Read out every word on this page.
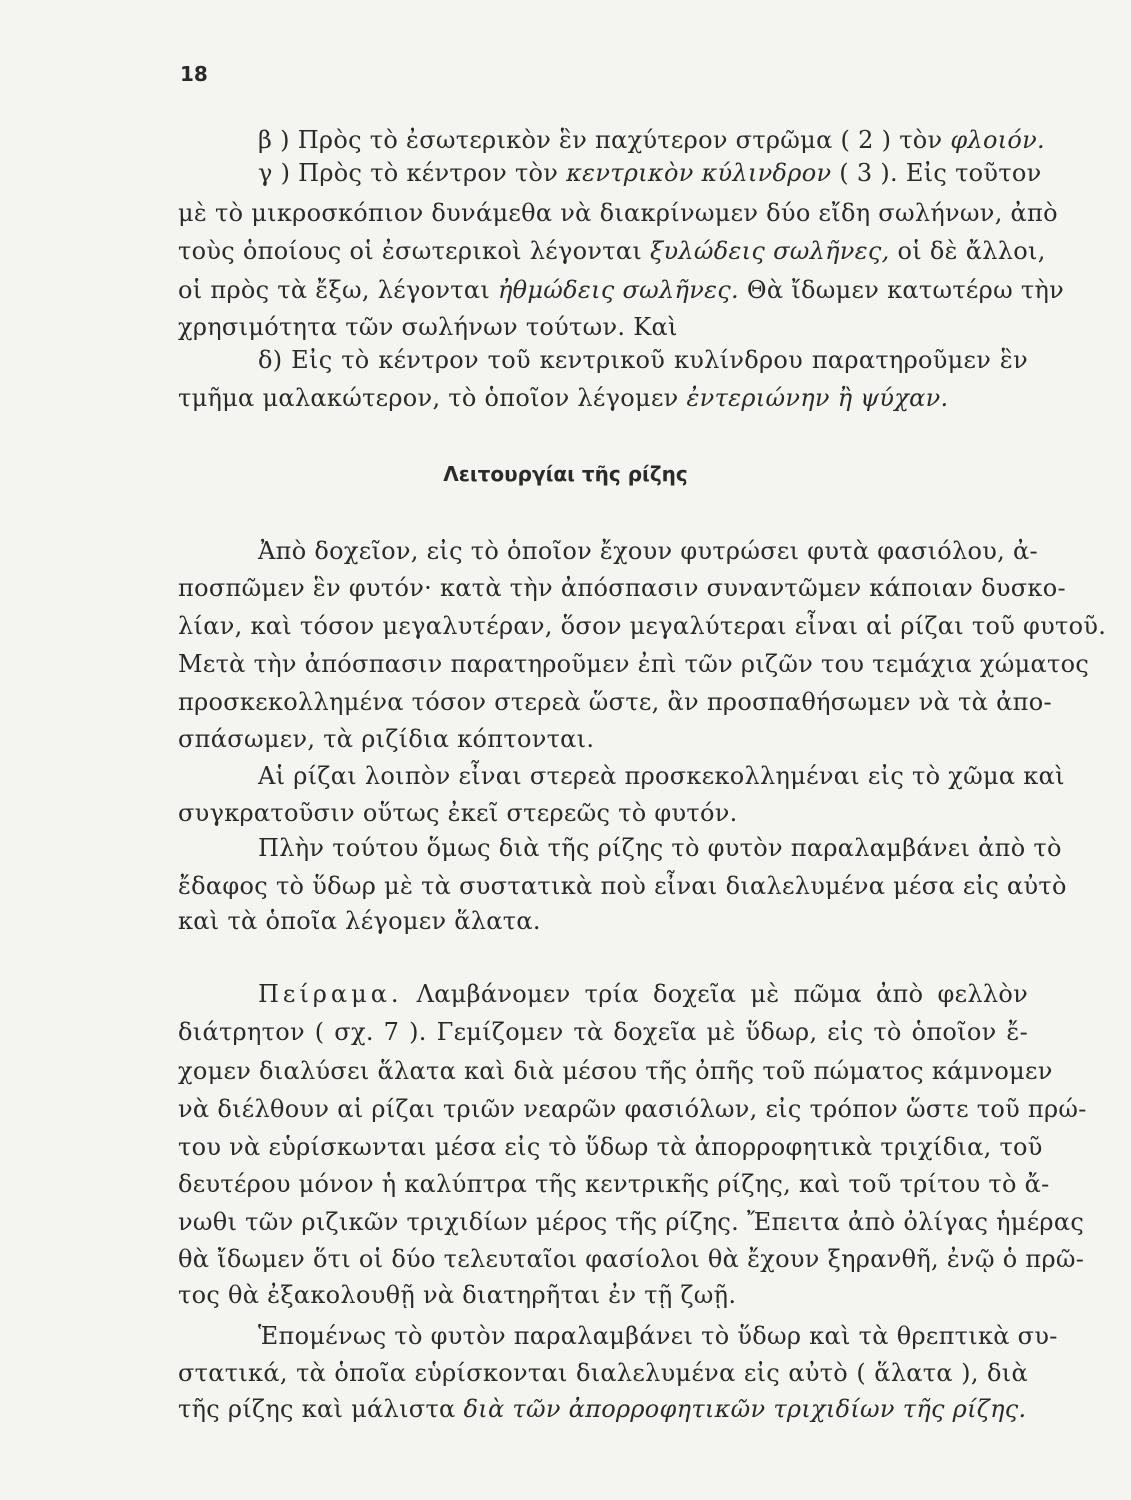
18
β ) Πρὸς τὸ ἐσωτερικὸν ἓν παχύτερον στρῶμα ( 2 ) τὸν φλοιόν.
γ ) Πρὸς τὸ κέντρον τὸν κεντρικὸν κύλινδρον ( 3 ). Εἰς τοῦτον
μὲ τὸ μικροσκόπιον δυνάμεθα νὰ διακρίνωμεν δύο εἴδη σωλήνων, ἀπὸ
τοὺς ὁποίους οἱ ἐσωτερικοὶ λέγονται ξυλώδεις σωλῆνες, οἱ δὲ ἄλλοι,
οἱ πρὸς τὰ ἔξω, λέγονται ἠθμώδεις σωλῆνες. Θὰ ἴδωμεν κατωτέρω τὴν
χρησιμότητα τῶν σωλήνων τούτων. Καὶ
δ) Εἰς τὸ κέντρον τοῦ κεντρικοῦ κυλίνδρου παρατηροῦμεν ἓν
τμῆμα μαλακώτερον, τὸ ὁποῖον λέγομεν ἐντεριώνην ἢ ψύχαν.
Λειτουργίαι τῆς ρίζης
Ἀπὸ δοχεῖον, εἰς τὸ ὁποῖον ἔχουν φυτρώσει φυτὰ φασιόλου, ἀ-
ποσπῶμεν ἓν φυτόν· κατὰ τὴν ἀπόσπασιν συναντῶμεν κάποιαν δυσκο-
λίαν, καὶ τόσον μεγαλυτέραν, ὅσον μεγαλύτεραι εἶναι αἱ ρίζαι τοῦ φυτοῦ.
Μετὰ τὴν ἀπόσπασιν παρατηροῦμεν ἐπὶ τῶν ριζῶν του τεμάχια χώματος
προσκεκολλημένα τόσον στερεὰ ὥστε, ἂν προσπαθήσωμεν νὰ τὰ ἀπο-
σπάσωμεν, τὰ ριζίδια κόπτονται.
Αἱ ρίζαι λοιπὸν εἶναι στερεὰ προσκεκολλημέναι εἰς τὸ χῶμα καὶ
συγκρατοῦσιν οὕτως ἐκεῖ στερεῶς τὸ φυτόν.
Πλὴν τούτου ὅμως διὰ τῆς ρίζης τὸ φυτὸν παραλαμβάνει ἀπὸ τὸ
ἔδαφος τὸ ὕδωρ μὲ τὰ συστατικὰ ποὺ εἶναι διαλελυμένα μέσα εἰς αὐτὸ
καὶ τὰ ὁποῖα λέγομεν ἅλατα.
Πείραμα. Λαμβάνομεν τρία δοχεῖα μὲ πῶμα ἀπὸ φελλὸν
διάτρητον ( σχ. 7 ). Γεμίζομεν τὰ δοχεῖα μὲ ὕδωρ, εἰς τὸ ὁποῖον ἔ-
χομεν διαλύσει ἅλατα καὶ διὰ μέσου τῆς ὀπῆς τοῦ πώματος κάμνομεν
νὰ διέλθουν αἱ ρίζαι τριῶν νεαρῶν φασιόλων, εἰς τρόπον ὥστε τοῦ πρώ-
του νὰ εὑρίσκωνται μέσα εἰς τὸ ὕδωρ τὰ ἀπορροφητικὰ τριχίδια, τοῦ
δευτέρου μόνον ἡ καλύπτρα τῆς κεντρικῆς ρίζης, καὶ τοῦ τρίτου τὸ ἄ-
νωθι τῶν ριζικῶν τριχιδίων μέρος τῆς ρίζης. Ἔπειτα ἀπὸ ὀλίγας ἡμέρας
θὰ ἴδωμεν ὅτι οἱ δύο τελευταῖοι φασίολοι θὰ ἔχουν ξηρανθῆ, ἐνῷ ὁ πρῶ-
τος θὰ ἐξακολουθῇ νὰ διατηρῆται ἐν τῇ ζωῇ.
Ἑπομένως τὸ φυτὸν παραλαμβάνει τὸ ὕδωρ καὶ τὰ θρεπτικὰ συ-
στατικά, τὰ ὁποῖα εὑρίσκονται διαλελυμένα εἰς αὐτὸ ( ἅλατα ), διὰ
τῆς ρίζης καὶ μάλιστα διὰ τῶν ἀπορροφητικῶν τριχιδίων τῆς ρίζης.
